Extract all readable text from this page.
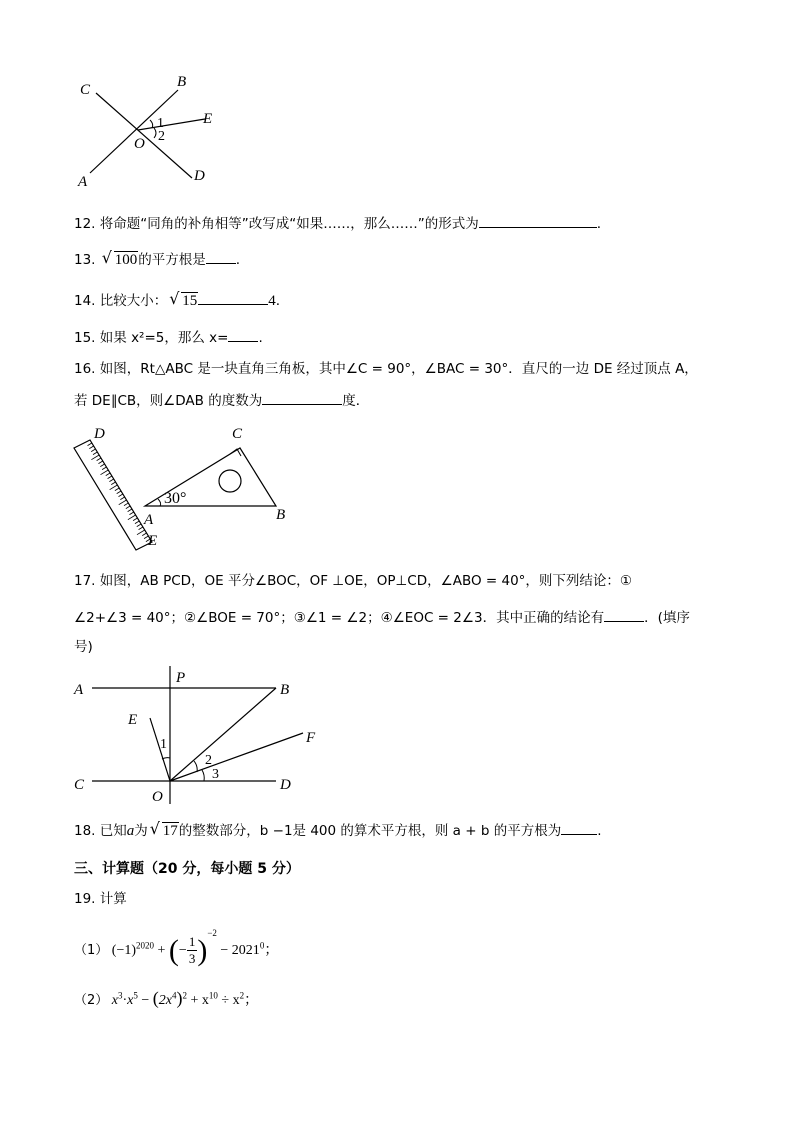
C	B
E
O
A	D
1
2
12. 将命题“同角的补角相等”改写成“如果……，那么……”的形式为	.
13. √ 100的平方根是 .
14. 比较大小： √ 15	4.
15. 如果 x²=5，那么 x= .
16. 如图，Rt△ABC 是一块直角三角板，其中∠C = 90°，∠BAC = 30°．直尺的一边 DE 经过顶点 A，
若 DE∥CB，则∠DAB 的度数为	度．
D	C
A	B
E
30°
17. 如图，AB PCD，OE 平分∠BOC，OF ⊥OE，OP⊥CD，∠ABO = 40°，则下列结论：①
∠2+∠3 = 40°；②∠BOE = 70°；③∠1 = ∠2；④∠EOC = 2∠3．其中正确的结论有	．(填序
号)
A
P
B
E
F
C
O
D
1
2
3
18. 已知a为 √ 17的整数部分，b −1是 400 的算术平方根，则 a + b 的平方根为	.
三、计算题（20 分，每小题 5 分）
19. 计算
（1） $(-1)^{2020}$ + (− $\frac{1}{3} )^{-2} - 2021^0$；
（2） $x^3\cdot x^5 - (2x^4)^2 + x^{10} \div x^2$；
